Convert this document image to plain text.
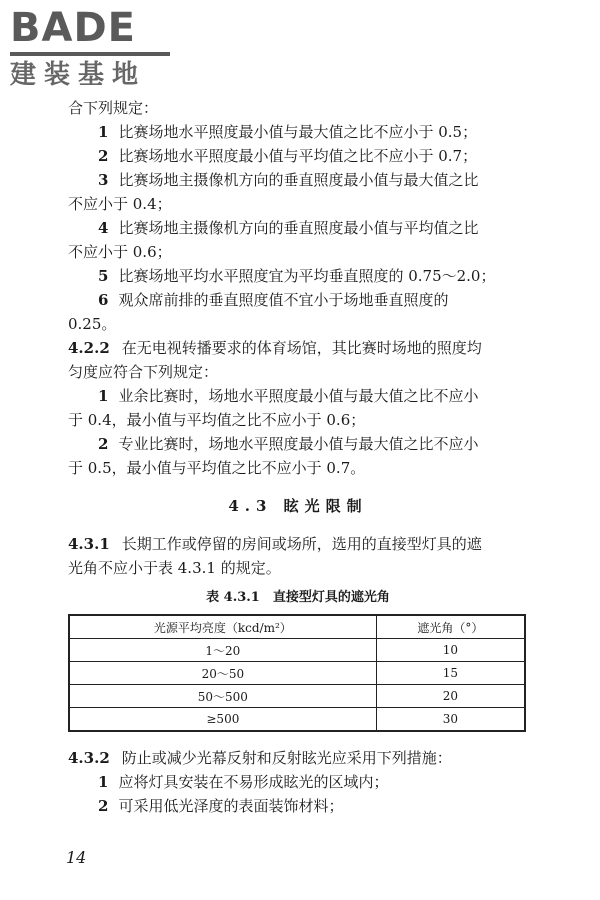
BADE
建装基地
合下列规定：
1 比赛场地水平照度最小值与最大值之比不应小于 0.5；
2 比赛场地水平照度最小值与平均值之比不应小于 0.7；
3 比赛场地主摄像机方向的垂直照度最小值与最大值之比
不应小于 0.4；
4 比赛场地主摄像机方向的垂直照度最小值与平均值之比
不应小于 0.6；
5 比赛场地平均水平照度宜为平均垂直照度的 0.75～2.0；
6 观众席前排的垂直照度值不宜小于场地垂直照度的
0.25。
4.2.2 在无电视转播要求的体育场馆，其比赛时场地的照度均
匀度应符合下列规定：
1 业余比赛时，场地水平照度最小值与最大值之比不应小
于 0.4，最小值与平均值之比不应小于 0.6；
2 专业比赛时，场地水平照度最小值与最大值之比不应小
于 0.5，最小值与平均值之比不应小于 0.7。
4.3 眩光限制
4.3.1 长期工作或停留的房间或场所，选用的直接型灯具的遮
光角不应小于表 4.3.1 的规定。
表 4.3.1　直接型灯具的遮光角
光源平均亮度（kcd/m²）	遮光角（°）
1～20	10
20～50	15
50～500	20
≥500	30
4.3.2 防止或减少光幕反射和反射眩光应采用下列措施：
1 应将灯具安装在不易形成眩光的区域内；
2 可采用低光泽度的表面装饰材料；
14
